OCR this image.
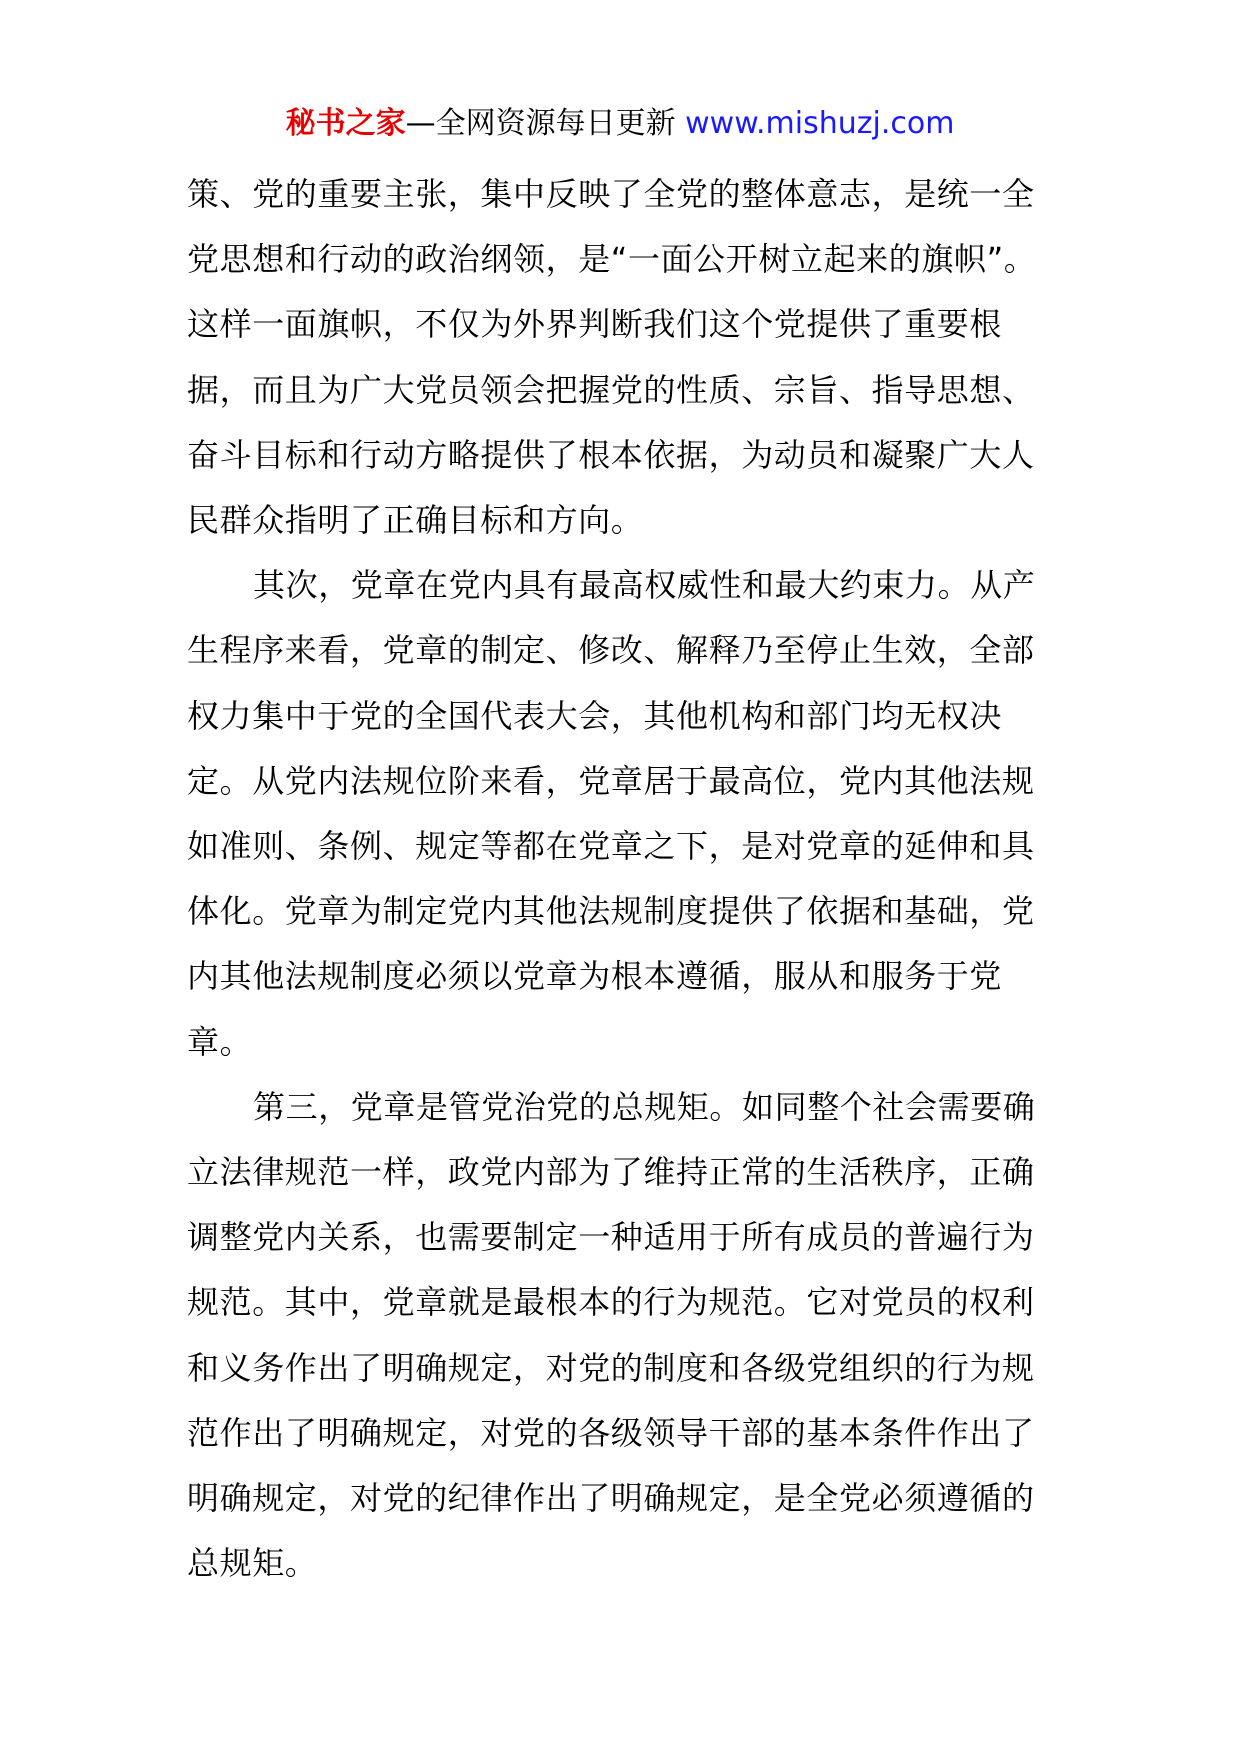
秘书之家—全网资源每日更新 www.mishuzj.com

策、党的重要主张，集中反映了全党的整体意志，是统一全党思想和行动的政治纲领，是“一面公开树立起来的旗帜”。这样一面旗帜，不仅为外界判断我们这个党提供了重要根据，而且为广大党员领会把握党的性质、宗旨、指导思想、奋斗目标和行动方略提供了根本依据，为动员和凝聚广大人民群众指明了正确目标和方向。

其次，党章在党内具有最高权威性和最大约束力。从产生程序来看，党章的制定、修改、解释乃至停止生效，全部权力集中于党的全国代表大会，其他机构和部门均无权决定。从党内法规位阶来看，党章居于最高位，党内其他法规如准则、条例、规定等都在党章之下，是对党章的延伸和具体化。党章为制定党内其他法规制度提供了依据和基础，党内其他法规制度必须以党章为根本遵循，服从和服务于党章。

第三，党章是管党治党的总规矩。如同整个社会需要确立法律规范一样，政党内部为了维持正常的生活秩序，正确调整党内关系，也需要制定一种适用于所有成员的普遍行为规范。其中，党章就是最根本的行为规范。它对党员的权利和义务作出了明确规定，对党的制度和各级党组织的行为规范作出了明确规定，对党的各级领导干部的基本条件作出了明确规定，对党的纪律作出了明确规定，是全党必须遵循的总规矩。
